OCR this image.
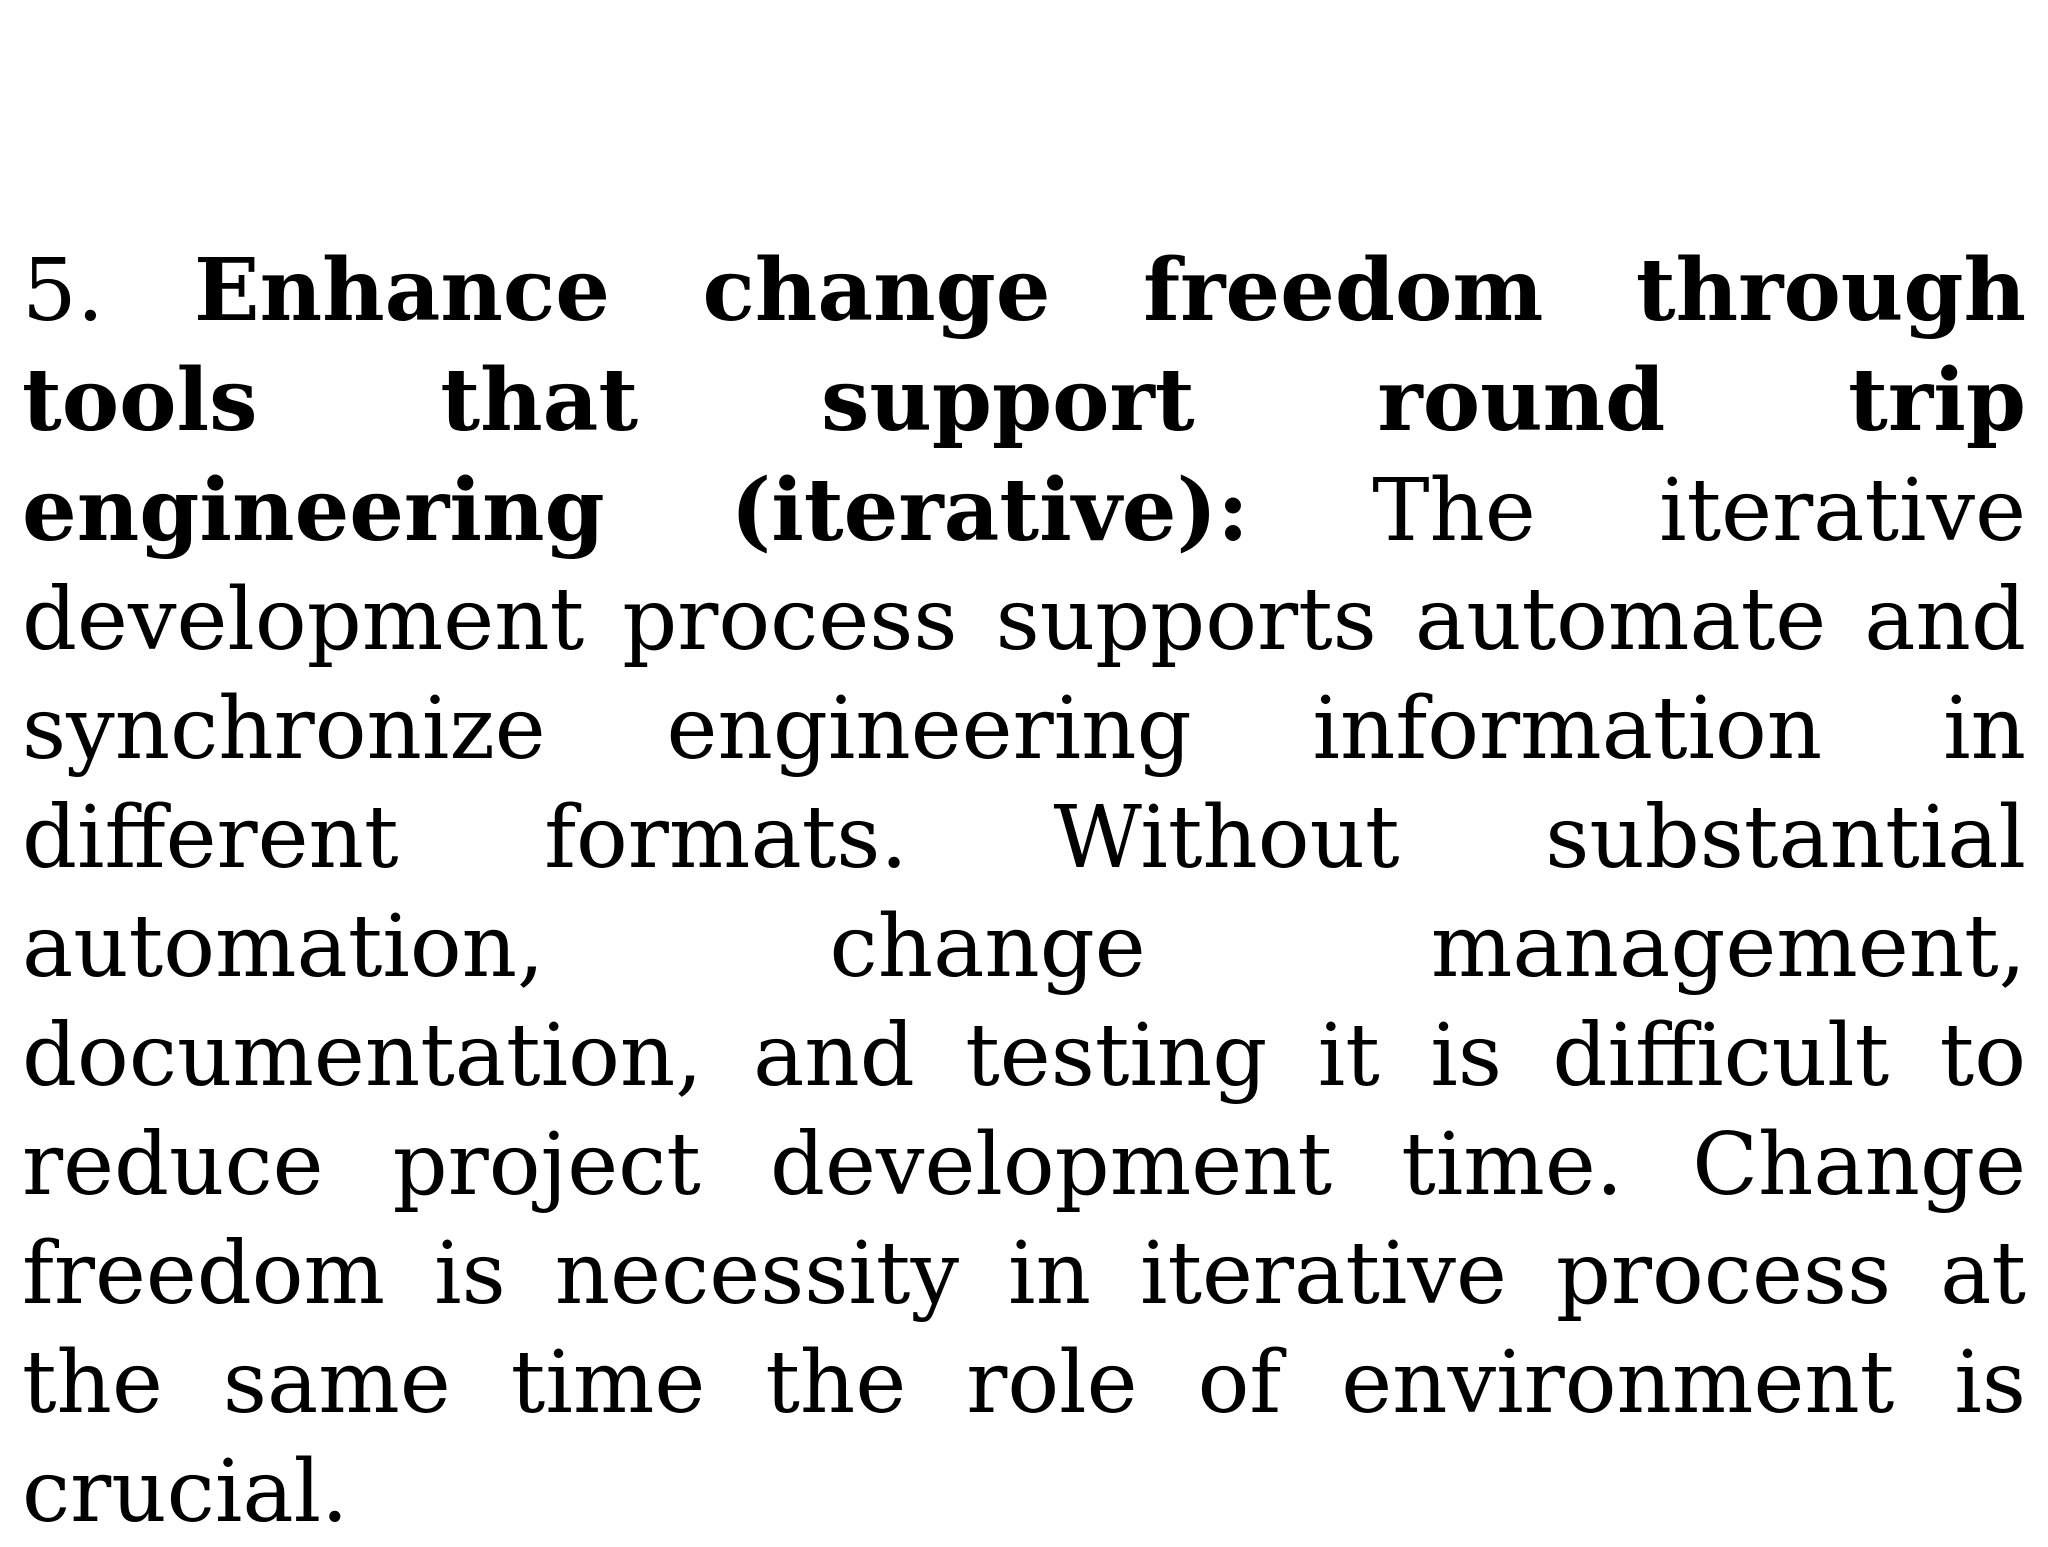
5. Enhance change freedom through tools that support round trip engineering (iterative): The iterative development process supports automate and synchronize engineering information in different formats. Without substantial automation, change management, documentation, and testing it is difficult to reduce project development time. Change freedom is necessity in iterative process at the same time the role of environment is crucial.
